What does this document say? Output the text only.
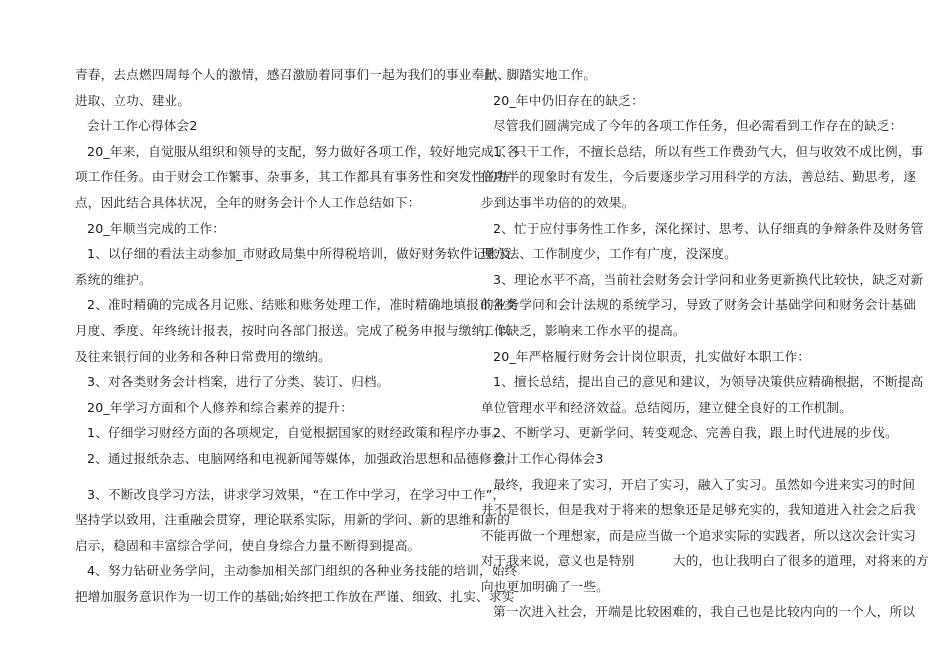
青春，去点燃四周每个人的激情，感召激励着同事们一起为我们的事业奉献、
进取、立功、建业。
会计工作心得体会2
20_年来，自觉服从组织和领导的支配，努力做好各项工作，较好地完成了各
项工作任务。由于财会工作繁事、杂事多，其工作都具有事务性和突发性的特
点，因此结合具体状况，全年的财务会计个人工作总结如下：
20_年顺当完成的工作：
1、以仔细的看法主动参加_市财政局集中所得税培训，做好财务软件记账及
系统的维护。
2、准时精确的完成各月记账、结账和账务处理工作，准时精确地填报市各类
月度、季度、年终统计报表，按时向各部门报送。完成了税务申报与缴纳，以
及往来银行间的业务和各种日常费用的缴纳。
3、对各类财务会计档案，进行了分类、装订、归档。
20_年学习方面和个人修养和综合素养的提升：
1、仔细学习财经方面的各项规定，自觉根据国家的财经政策和程序办事。
2、通过报纸杂志、电脑网络和电视新闻等媒体，加强政治思想和品德修养。
3、不断改良学习方法，讲求学习效果，“在工作中学习，在学习中工作”，
坚持学以致用，注重融会贯穿，理论联系实际，用新的学问、新的思维和新的
启示，稳固和丰富综合学问，使自身综合力量不断得到提高。
4、努力钻研业务学问，主动参加相关部门组织的各种业务技能的培训，始终
把增加服务意识作为一切工作的基础;始终把工作放在严谨、细致、扎实、求实
上，脚踏实地工作。
20_年中仍旧存在的缺乏：
尽管我们圆满完成了今年的各项工作任务，但必需看到工作存在的缺乏：
1、只干工作，不擅长总结，所以有些工作费劲气大，但与收效不成比例，事
倍功半的现象时有发生，今后要逐步学习用科学的方法，善总结、勤思考，逐
步到达事半功倍的的效果。
2、忙于应付事务性工作多，深化探讨、思考、认仔细真的争辩条件及财务管
理方法、工作制度少，工作有广度，没深度。
3、理论水平不高，当前社会财务会计学问和业务更新换代比较快，缺乏对新
的业务学问和会计法规的系统学习，导致了财务会计基础学问和财务会计基础
工作缺乏，影响来工作水平的提高。
20_年严格履行财务会计岗位职责，扎实做好本职工作：
1、擅长总结，提出自己的意见和建议，为领导决策供应精确根据，不断提高
单位管理水平和经济效益。总结阅历，建立健全良好的工作机制。
2、不断学习、更新学问、转变观念、完善自我，跟上时代进展的步伐。
会计工作心得体会3
最终，我迎来了实习，开启了实习，融入了实习。虽然如今进来实习的时间
并不是很长，但是我对于将来的想象还是足够充实的，我知道进入社会之后我
不能再做一个理想家，而是应当做一个追求实际的实践者，所以这次会计实习
对于我来说，意义也是特别　　　大的，也让我明白了很多的道理，对将来的方
向也更加明确了一些。
第一次进入社会，开端是比较困难的，我自己也是比较内向的一个人，所以
